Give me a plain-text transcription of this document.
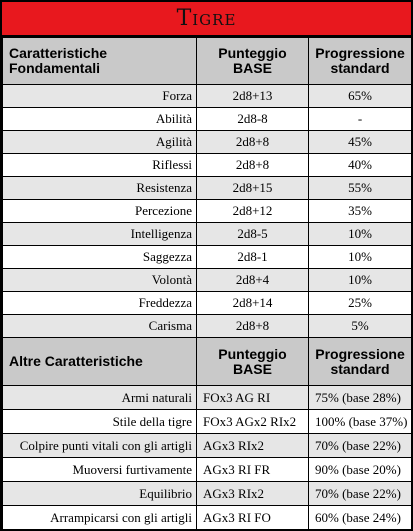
Tigre
Caratteristiche Fondamentali	Punteggio BASE	Progressione standard
Forza	2d8+13	65%
Abilità	2d8-8	-
Agilità	2d8+8	45%
Riflessi	2d8+8	40%
Resistenza	2d8+15	55%
Percezione	2d8+12	35%
Intelligenza	2d8-5	10%
Saggezza	2d8-1	10%
Volontà	2d8+4	10%
Freddezza	2d8+14	25%
Carisma	2d8+8	5%
Altre Caratteristiche	Punteggio BASE	Progressione standard
Armi naturali	FOx3 AG RI	75% (base 28%)
Stile della tigre	FOx3 AGx2 RIx2	100% (base 37%)
Colpire punti vitali con gli artigli	AGx3 RIx2	70% (base 22%)
Muoversi furtivamente	AGx3 RI FR	90% (base 20%)
Equilibrio	AGx3 RIx2	70% (base 22%)
Arrampicarsi con gli artigli	AGx3 RI FO	60% (base 24%)
